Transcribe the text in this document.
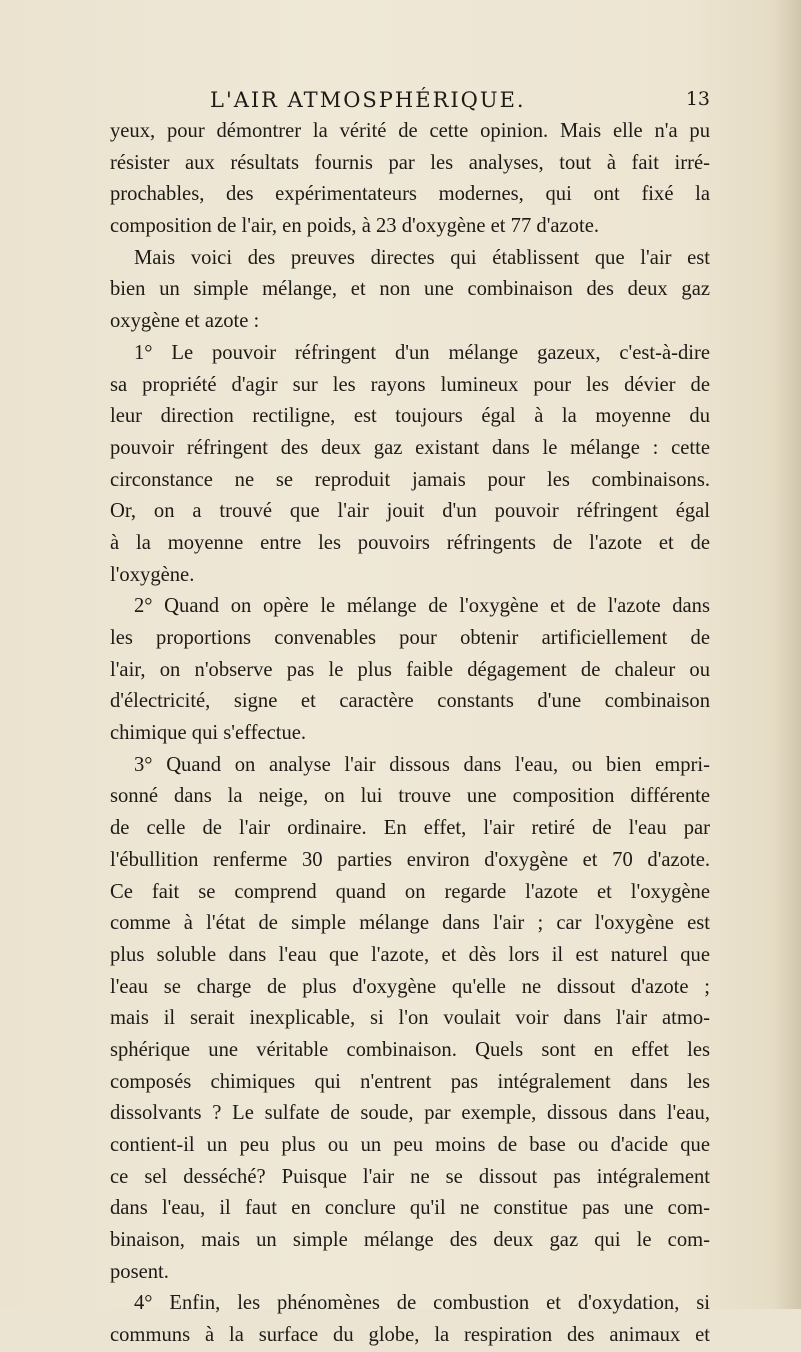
L'AIR ATMOSPHÉRIQUE.	13
yeux, pour démontrer la vérité de cette opinion. Mais elle n'a pu
résister aux résultats fournis par les analyses, tout à fait irré-
prochables, des expérimentateurs modernes, qui ont fixé la
composition de l'air, en poids, à 23 d'oxygène et 77 d'azote.
Mais voici des preuves directes qui établissent que l'air est
bien un simple mélange, et non une combinaison des deux gaz
oxygène et azote :
1° Le pouvoir réfringent d'un mélange gazeux, c'est-à-dire
sa propriété d'agir sur les rayons lumineux pour les dévier de
leur direction rectiligne, est toujours égal à la moyenne du
pouvoir réfringent des deux gaz existant dans le mélange : cette
circonstance ne se reproduit jamais pour les combinaisons.
Or, on a trouvé que l'air jouit d'un pouvoir réfringent égal
à la moyenne entre les pouvoirs réfringents de l'azote et de
l'oxygène.
2° Quand on opère le mélange de l'oxygène et de l'azote dans
les proportions convenables pour obtenir artificiellement de
l'air, on n'observe pas le plus faible dégagement de chaleur ou
d'électricité, signe et caractère constants d'une combinaison
chimique qui s'effectue.
3° Quand on analyse l'air dissous dans l'eau, ou bien empri-
sonné dans la neige, on lui trouve une composition différente
de celle de l'air ordinaire. En effet, l'air retiré de l'eau par
l'ébullition renferme 30 parties environ d'oxygène et 70 d'azote.
Ce fait se comprend quand on regarde l'azote et l'oxygène
comme à l'état de simple mélange dans l'air ; car l'oxygène est
plus soluble dans l'eau que l'azote, et dès lors il est naturel que
l'eau se charge de plus d'oxygène qu'elle ne dissout d'azote ;
mais il serait inexplicable, si l'on voulait voir dans l'air atmo-
sphérique une véritable combinaison. Quels sont en effet les
composés chimiques qui n'entrent pas intégralement dans les
dissolvants ? Le sulfate de soude, par exemple, dissous dans l'eau,
contient-il un peu plus ou un peu moins de base ou d'acide que
ce sel desséché? Puisque l'air ne se dissout pas intégralement
dans l'eau, il faut en conclure qu'il ne constitue pas une com-
binaison, mais un simple mélange des deux gaz qui le com-
posent.
4° Enfin, les phénomènes de combustion et d'oxydation, si
communs à la surface du globe, la respiration des animaux et
